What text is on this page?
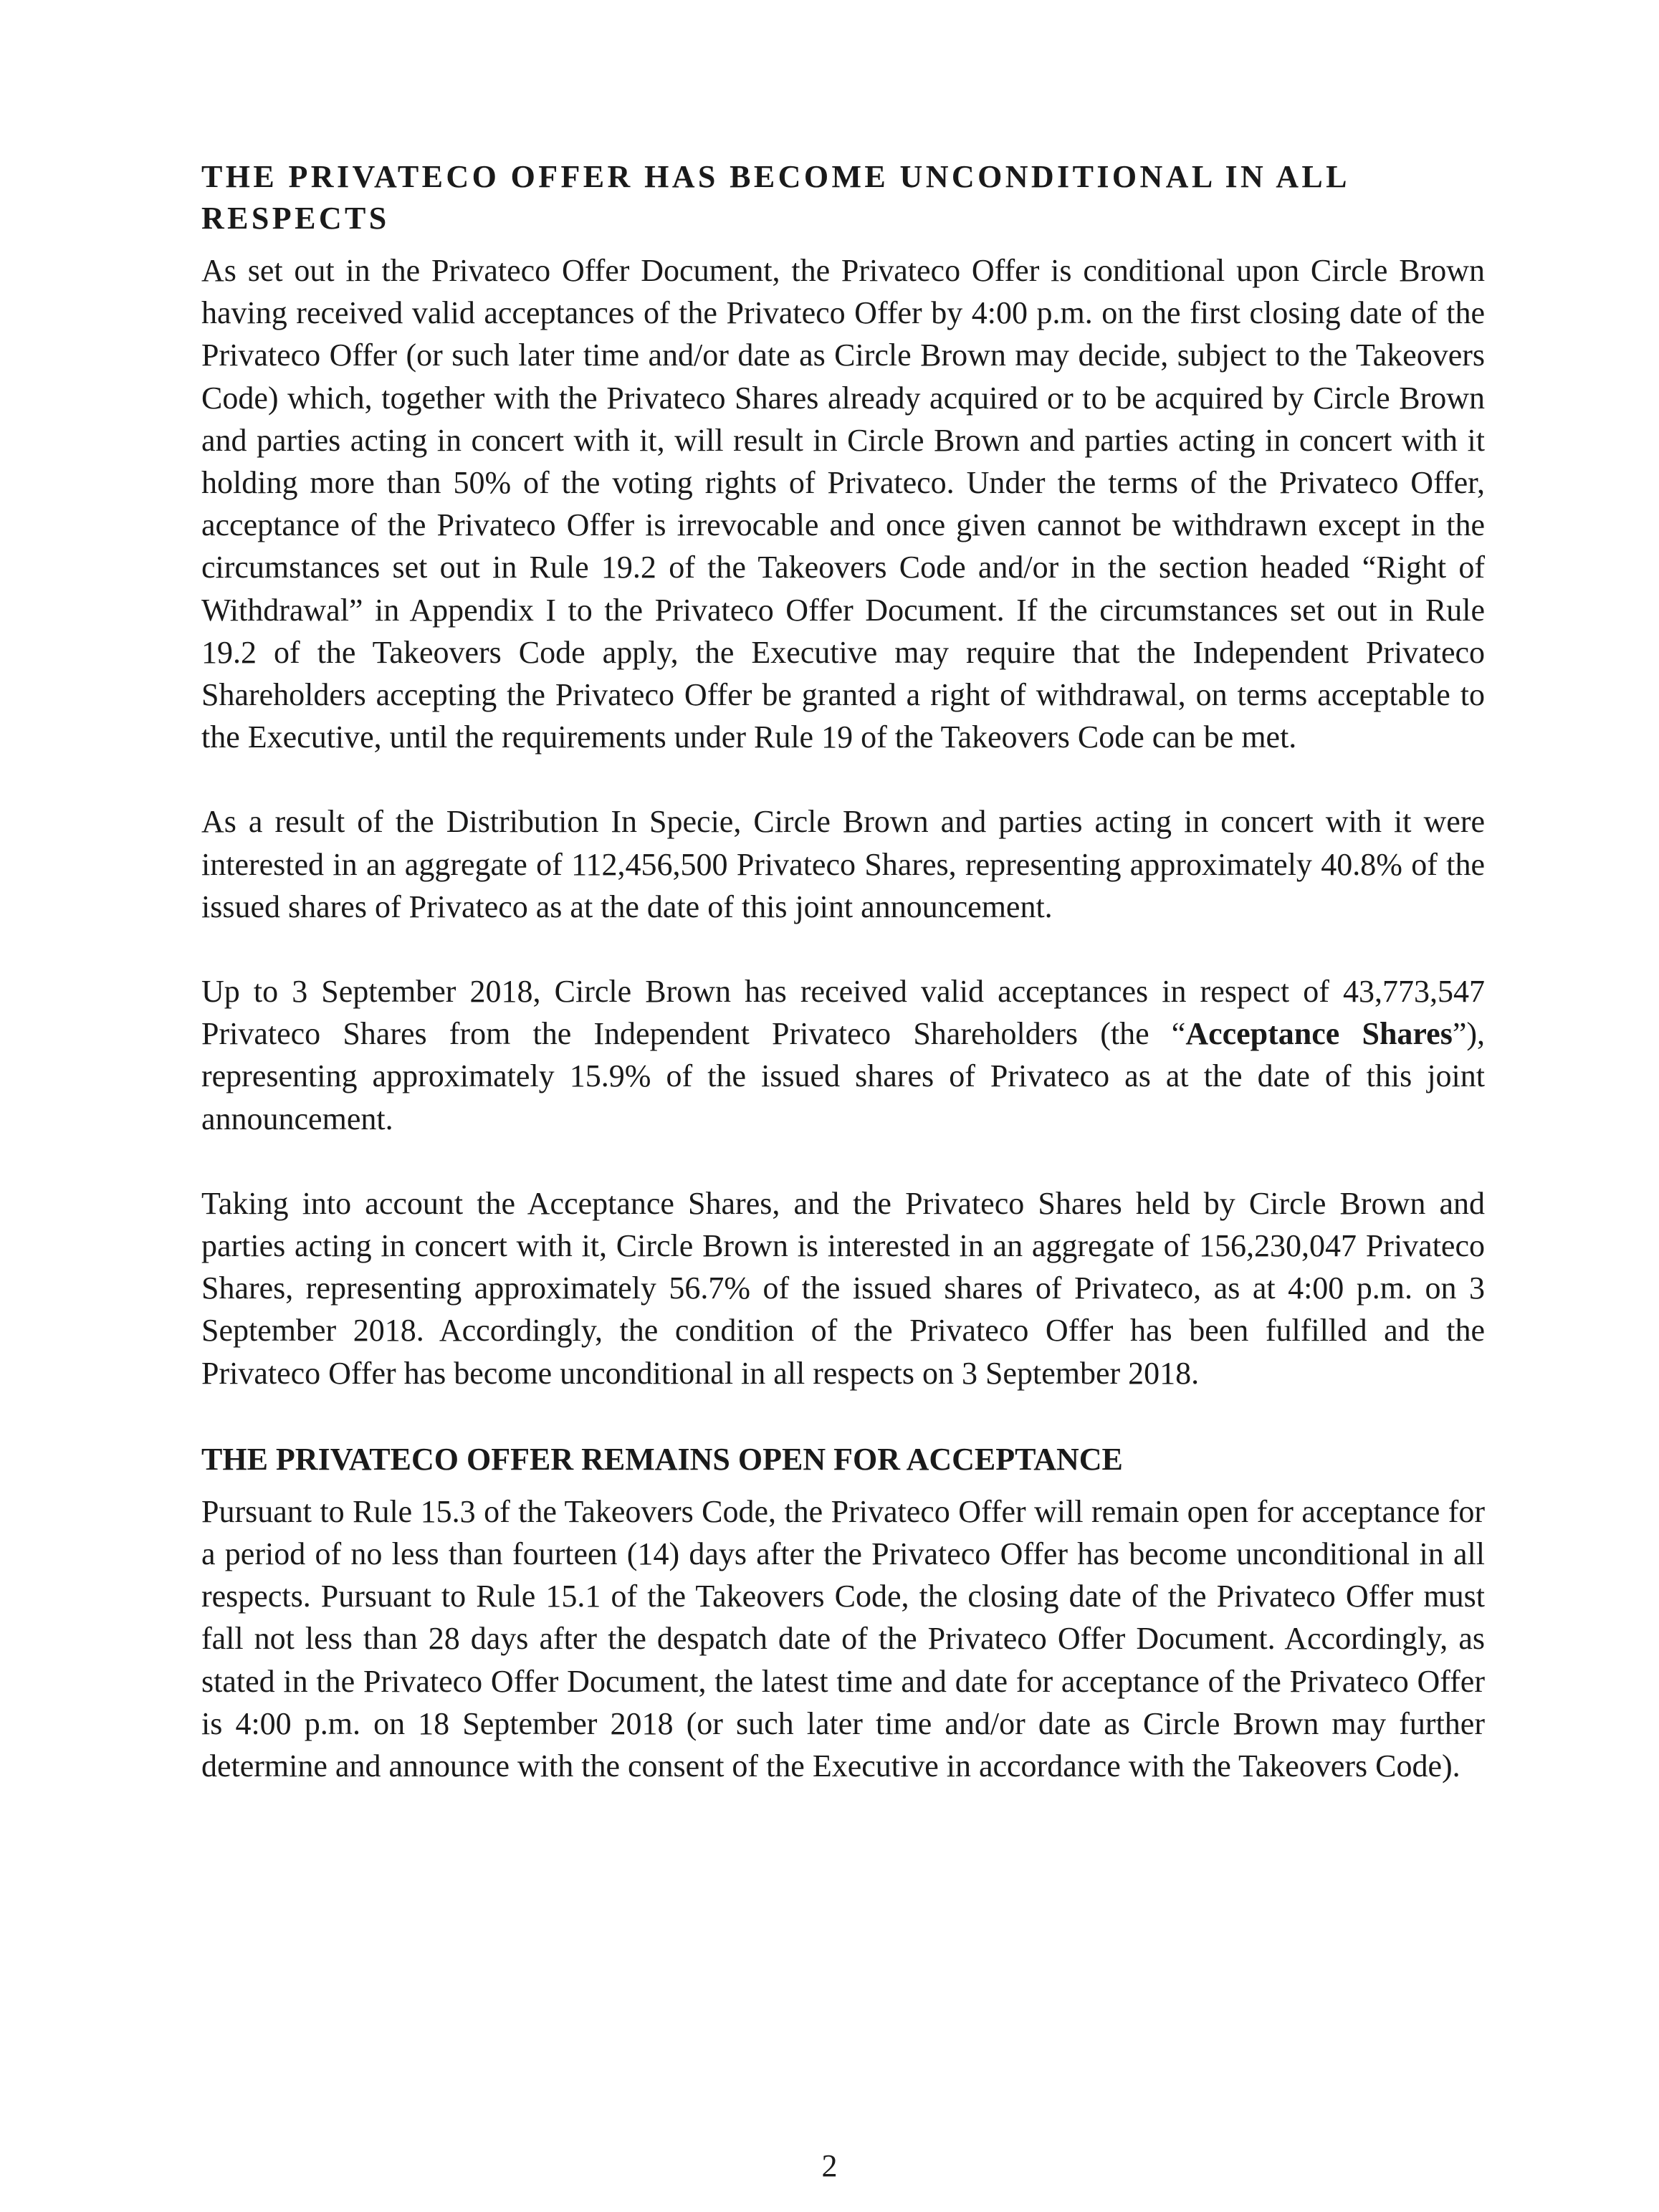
THE PRIVATECO OFFER HAS BECOME UNCONDITIONAL IN ALL
RESPECTS

As set out in the Privateco Offer Document, the Privateco Offer is conditional upon Circle Brown having received valid acceptances of the Privateco Offer by 4:00 p.m. on the first closing date of the Privateco Offer (or such later time and/or date as Circle Brown may decide, subject to the Takeovers Code) which, together with the Privateco Shares already acquired or to be acquired by Circle Brown and parties acting in concert with it, will result in Circle Brown and parties acting in concert with it holding more than 50% of the voting rights of Privateco. Under the terms of the Privateco Offer, acceptance of the Privateco Offer is irrevocable and once given cannot be withdrawn except in the circumstances set out in Rule 19.2 of the Takeovers Code and/or in the section headed “Right of Withdrawal” in Appendix I to the Privateco Offer Document. If the circumstances set out in Rule 19.2 of the Takeovers Code apply, the Executive may require that the Independent Privateco Shareholders accepting the Privateco Offer be granted a right of withdrawal, on terms acceptable to the Executive, until the requirements under Rule 19 of the Takeovers Code can be met.

As a result of the Distribution In Specie, Circle Brown and parties acting in concert with it were interested in an aggregate of 112,456,500 Privateco Shares, representing approximately 40.8% of the issued shares of Privateco as at the date of this joint announcement.

Up to 3 September 2018, Circle Brown has received valid acceptances in respect of 43,773,547 Privateco Shares from the Independent Privateco Shareholders (the “Acceptance Shares”), representing approximately 15.9% of the issued shares of Privateco as at the date of this joint announcement.

Taking into account the Acceptance Shares, and the Privateco Shares held by Circle Brown and parties acting in concert with it, Circle Brown is interested in an aggregate of 156,230,047 Privateco Shares, representing approximately 56.7% of the issued shares of Privateco, as at 4:00 p.m. on 3 September 2018. Accordingly, the condition of the Privateco Offer has been fulfilled and the Privateco Offer has become unconditional in all respects on 3 September 2018.

THE PRIVATECO OFFER REMAINS OPEN FOR ACCEPTANCE

Pursuant to Rule 15.3 of the Takeovers Code, the Privateco Offer will remain open for acceptance for a period of no less than fourteen (14) days after the Privateco Offer has become unconditional in all respects. Pursuant to Rule 15.1 of the Takeovers Code, the closing date of the Privateco Offer must fall not less than 28 days after the despatch date of the Privateco Offer Document. Accordingly, as stated in the Privateco Offer Document, the latest time and date for acceptance of the Privateco Offer is 4:00 p.m. on 18 September 2018 (or such later time and/or date as Circle Brown may further determine and announce with the consent of the Executive in accordance with the Takeovers Code).

2
